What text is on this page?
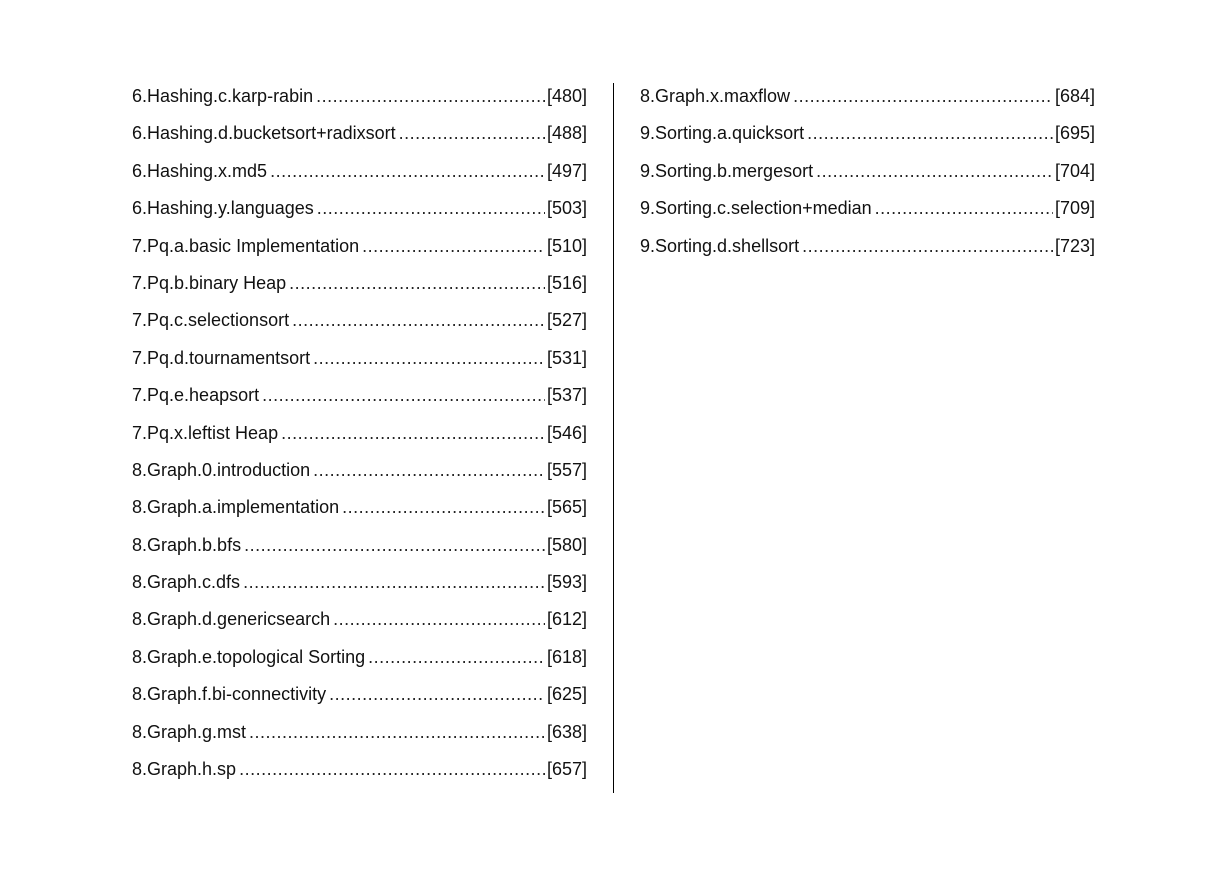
6.Hashing.c.karp-rabin .....	[480]
6.Hashing.d.bucketsort+radixsort .....	[488]
6.Hashing.x.md5 .....	[497]
6.Hashing.y.languages .....	[503]
7.Pq.a.basic Implementation .....	[510]
7.Pq.b.binary Heap .....	[516]
7.Pq.c.selectionsort .....	[527]
7.Pq.d.tournamentsort .....	[531]
7.Pq.e.heapsort .....	[537]
7.Pq.x.leftist Heap .....	[546]
8.Graph.0.introduction .....	[557]
8.Graph.a.implementation .....	[565]
8.Graph.b.bfs .....	[580]
8.Graph.c.dfs .....	[593]
8.Graph.d.genericsearch .....	[612]
8.Graph.e.topological Sorting .....	[618]
8.Graph.f.bi-connectivity .....	[625]
8.Graph.g.mst .....	[638]
8.Graph.h.sp .....	[657]
8.Graph.x.maxflow .....	[684]
9.Sorting.a.quicksort .....	[695]
9.Sorting.b.mergesort .....	[704]
9.Sorting.c.selection+median .....	[709]
9.Sorting.d.shellsort .....	[723]
